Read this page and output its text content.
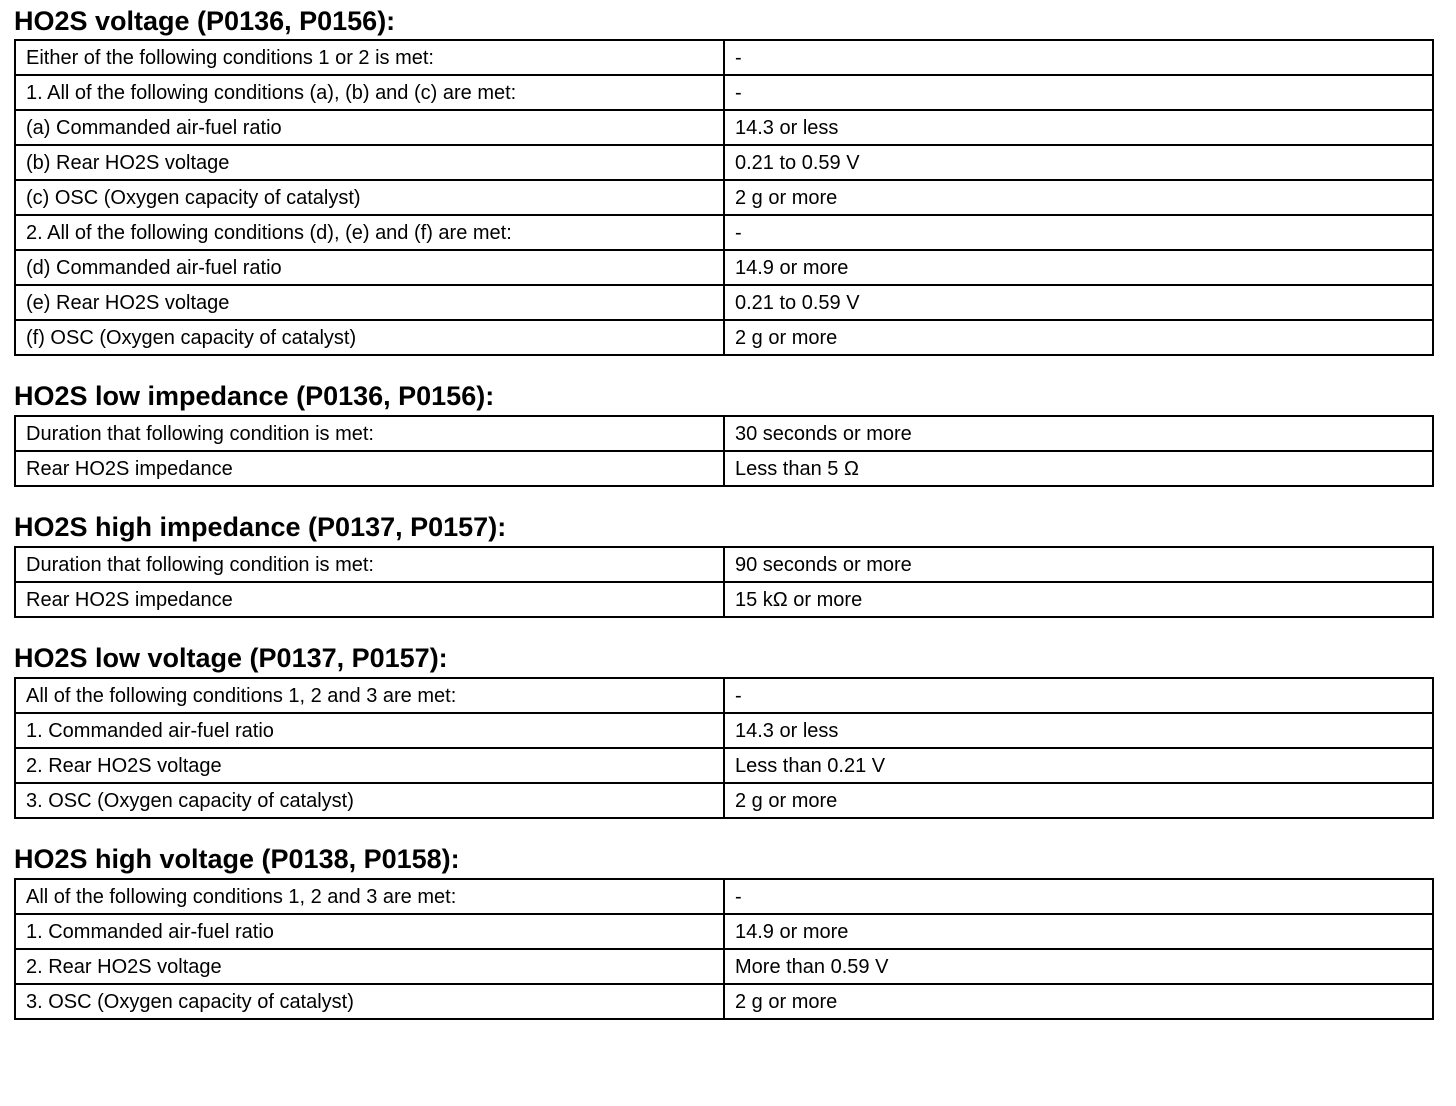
HO2S voltage (P0136, P0156):
Either of the following conditions 1 or 2 is met:	-
1. All of the following conditions (a), (b) and (c) are met:	-
(a) Commanded air-fuel ratio	14.3 or less
(b) Rear HO2S voltage	0.21 to 0.59 V
(c) OSC (Oxygen capacity of catalyst)	2 g or more
2. All of the following conditions (d), (e) and (f) are met:	-
(d) Commanded air-fuel ratio	14.9 or more
(e) Rear HO2S voltage	0.21 to 0.59 V
(f) OSC (Oxygen capacity of catalyst)	2 g or more
HO2S low impedance (P0136, P0156):
Duration that following condition is met:	30 seconds or more
Rear HO2S impedance	Less than 5 Ω
HO2S high impedance (P0137, P0157):
Duration that following condition is met:	90 seconds or more
Rear HO2S impedance	15 kΩ or more
HO2S low voltage (P0137, P0157):
All of the following conditions 1, 2 and 3 are met:	-
1. Commanded air-fuel ratio	14.3 or less
2. Rear HO2S voltage	Less than 0.21 V
3. OSC (Oxygen capacity of catalyst)	2 g or more
HO2S high voltage (P0138, P0158):
All of the following conditions 1, 2 and 3 are met:	-
1. Commanded air-fuel ratio	14.9 or more
2. Rear HO2S voltage	More than 0.59 V
3. OSC (Oxygen capacity of catalyst)	2 g or more
